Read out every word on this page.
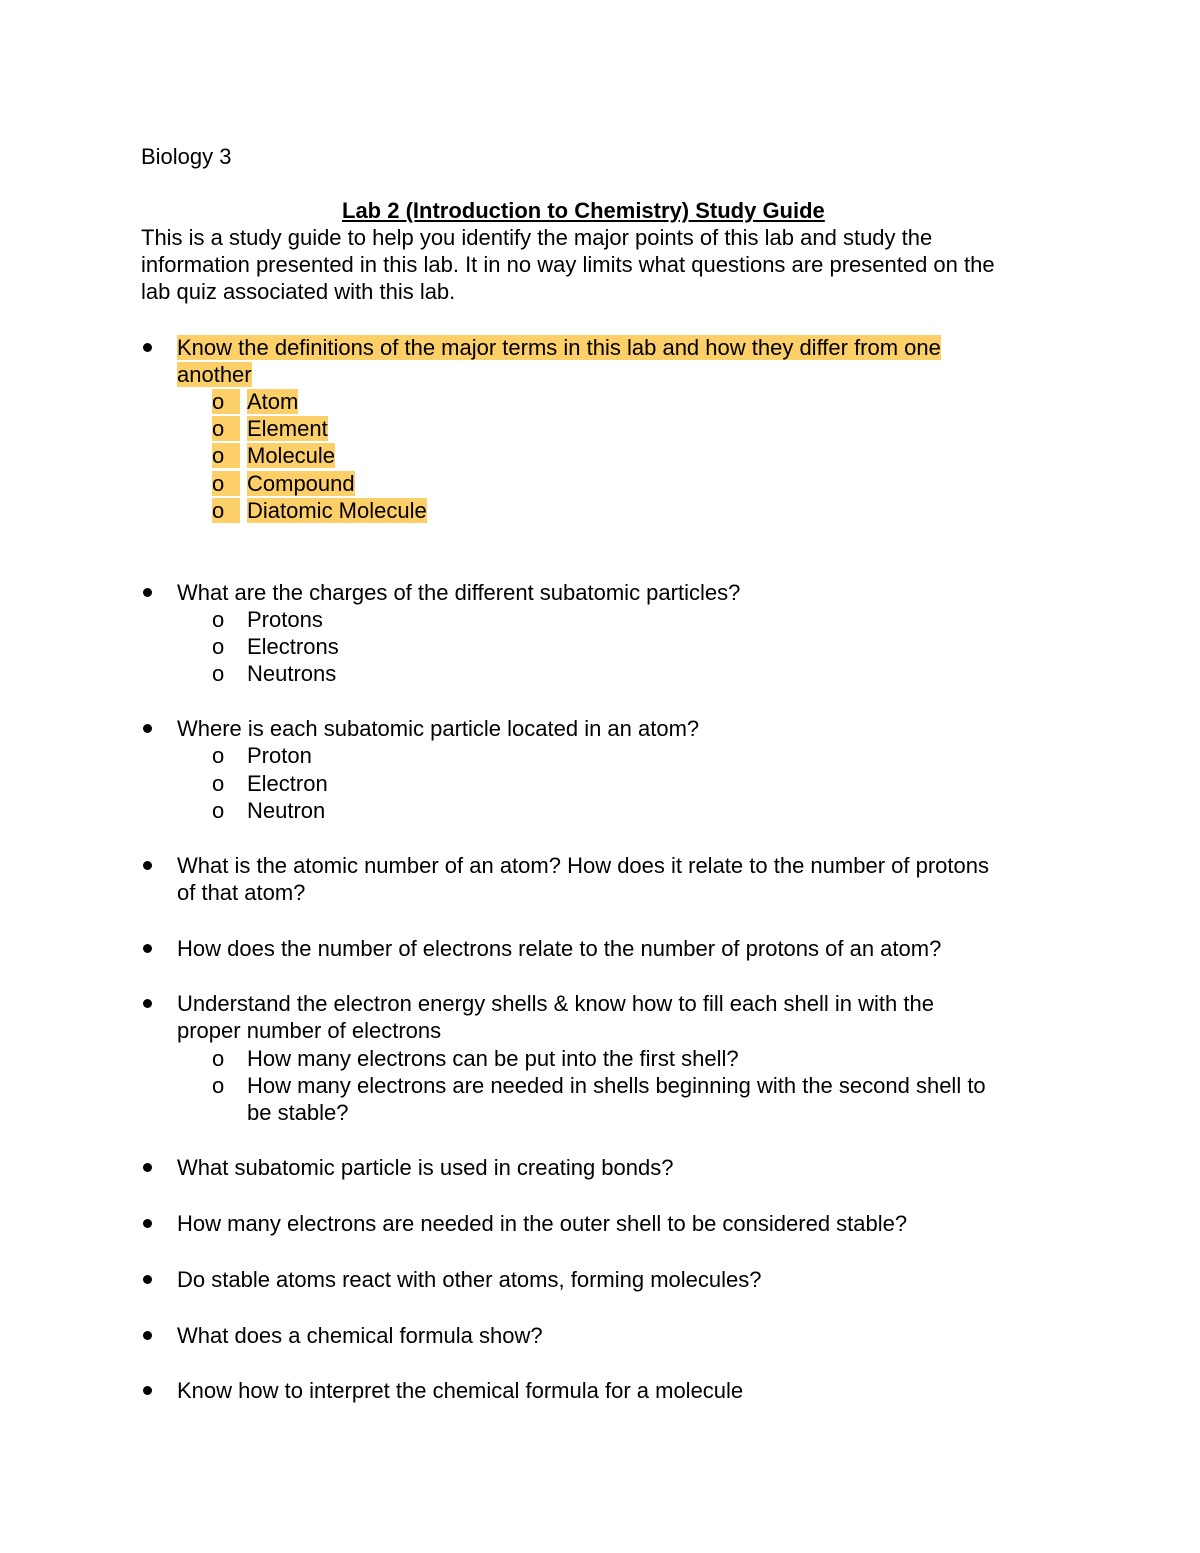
Biology 3
Lab 2 (Introduction to Chemistry) Study Guide
This is a study guide to help you identify the major points of this lab and study the
information presented in this lab. It in no way limits what questions are presented on the
lab quiz associated with this lab.
Know the definitions of the major terms in this lab and how they differ from one
another
o	Atom
o	Element
o	Molecule
o	Compound
o	Diatomic Molecule
What are the charges of the different subatomic particles?
o Protons
o Electrons
o Neutrons
Where is each subatomic particle located in an atom?
o Proton
o Electron
o Neutron
What is the atomic number of an atom? How does it relate to the number of protons
of that atom?
How does the number of electrons relate to the number of protons of an atom?
Understand the electron energy shells & know how to fill each shell in with the
proper number of electrons
o How many electrons can be put into the first shell?
o How many electrons are needed in shells beginning with the second shell to
be stable?
What subatomic particle is used in creating bonds?
How many electrons are needed in the outer shell to be considered stable?
Do stable atoms react with other atoms, forming molecules?
What does a chemical formula show?
Know how to interpret the chemical formula for a molecule
